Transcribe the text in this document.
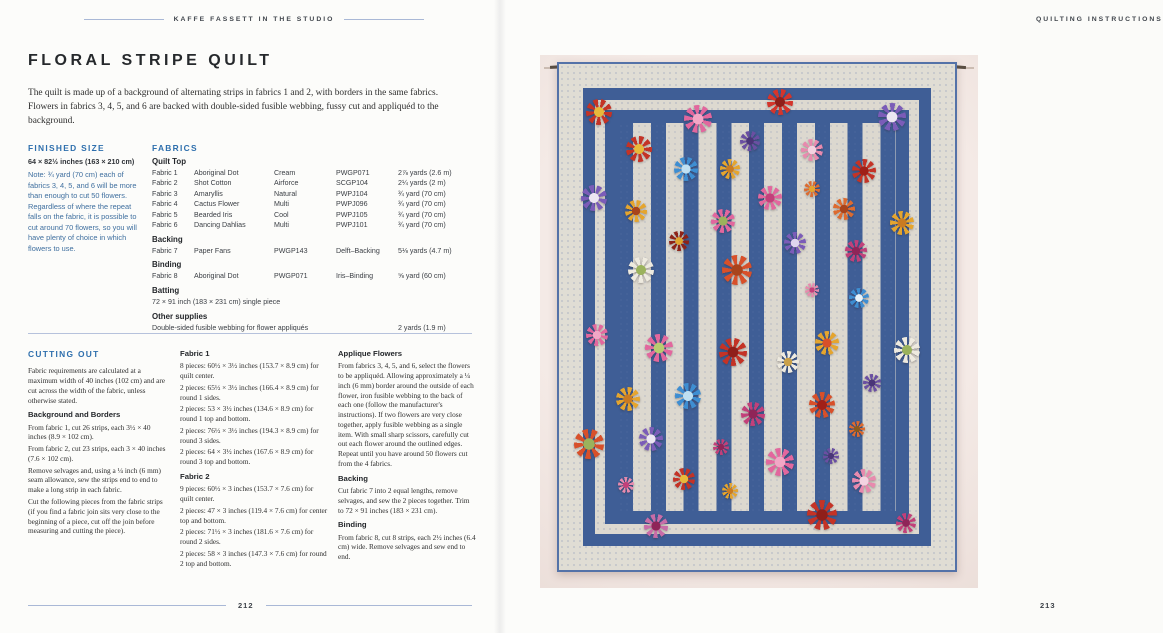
KAFFE FASSETT IN THE STUDIO
FLORAL STRIPE QUILT

The quilt is made up of a background of alternating strips in fabrics 1 and 2, with borders in the same fabrics. Flowers in fabrics 3, 4, 5, and 6 are backed with double-sided fusible webbing, fussy cut and appliquéd to the background.

FINISHED SIZE
64 × 82½ inches (163 × 210 cm)
Note: ¾ yard (70 cm) each of fabrics 3, 4, 5, and 6 will be more than enough to cut 50 flowers. Regardless of where the repeat falls on the fabric, it is possible to cut around 70 flowers, so you will have plenty of choice in which flowers to use.
FABRICS
Quilt Top
Fabric 1	Aboriginal Dot	Cream	PWGP071	2⅞ yards (2.6 m)
Fabric 2	Shot Cotton	Airforce	SCGP104	2¼ yards (2 m)
Fabric 3	Amaryllis	Natural	PWPJ104	¾ yard (70 cm)
Fabric 4	Cactus Flower	Multi	PWPJ096	¾ yard (70 cm)
Fabric 5	Bearded Iris	Cool	PWPJ105	¾ yard (70 cm)
Fabric 6	Dancing Dahlias	Multi	PWPJ101	¾ yard (70 cm)
Backing
Fabric 7	Paper Fans	PWGP143	Delft–Backing	5⅛ yards (4.7 m)
Binding
Fabric 8	Aboriginal Dot	PWGP071	Iris–Binding	⅝ yard (60 cm)
Batting
72 × 91 inch (183 × 231 cm) single piece
Other supplies
Double-sided fusible webbing for flower appliqués	2 yards (1.9 m)
CUTTING OUT

Fabric requirements are calculated at a maximum width of 40 inches (102 cm) and are cut across the width of the fabric, unless otherwise stated.

Background and Borders

From fabric 1, cut 26 strips, each 3½ × 40 inches (8.9 × 102 cm).

From fabric 2, cut 23 strips, each 3 × 40 inches (7.6 × 102 cm).

Remove selvages and, using a ¼ inch (6 mm) seam allowance, sew the strips end to end to make a long strip in each fabric.

Cut the following pieces from the fabric strips (if you find a fabric join sits very close to the beginning of a piece, cut off the join before measuring and cutting the piece).

Fabric 1

8 pieces: 60½ × 3½ inches (153.7 × 8.9 cm) for quilt center.

2 pieces: 65½ × 3½ inches (166.4 × 8.9 cm) for round 1 sides.

2 pieces: 53 × 3½ inches (134.6 × 8.9 cm) for round 1 top and bottom.

2 pieces: 76½ × 3½ inches (194.3 × 8.9 cm) for round 3 sides.

2 pieces: 64 × 3½ inches (167.6 × 8.9 cm) for round 3 top and bottom.

Fabric 2

9 pieces: 60½ × 3 inches (153.7 × 7.6 cm) for quilt center.

2 pieces: 47 × 3 inches (119.4 × 7.6 cm) for center top and bottom.

2 pieces: 71½ × 3 inches (181.6 × 7.6 cm) for round 2 sides.

2 pieces: 58 × 3 inches (147.3 × 7.6 cm) for round 2 top and bottom.

Applique Flowers

From fabrics 3, 4, 5, and 6, select the flowers to be appliquéd. Allowing approximately a ¼ inch (6 mm) border around the outside of each flower, iron fusible webbing to the back of each one (follow the manufacturer's instructions). If two flowers are very close together, apply fusible webbing as a single item. With small sharp scissors, carefully cut out each flower around the outlined edges. Repeat until you have around 50 flowers cut from the 4 fabrics.

Backing

Cut fabric 7 into 2 equal lengths, remove selvages, and sew the 2 pieces together. Trim to 72 × 91 inches (183 × 231 cm).

Binding

From fabric 8, cut 8 strips, each 2½ inches (6.4 cm) wide. Remove selvages and sew end to end.

212
QUILTING INSTRUCTIONS
213
